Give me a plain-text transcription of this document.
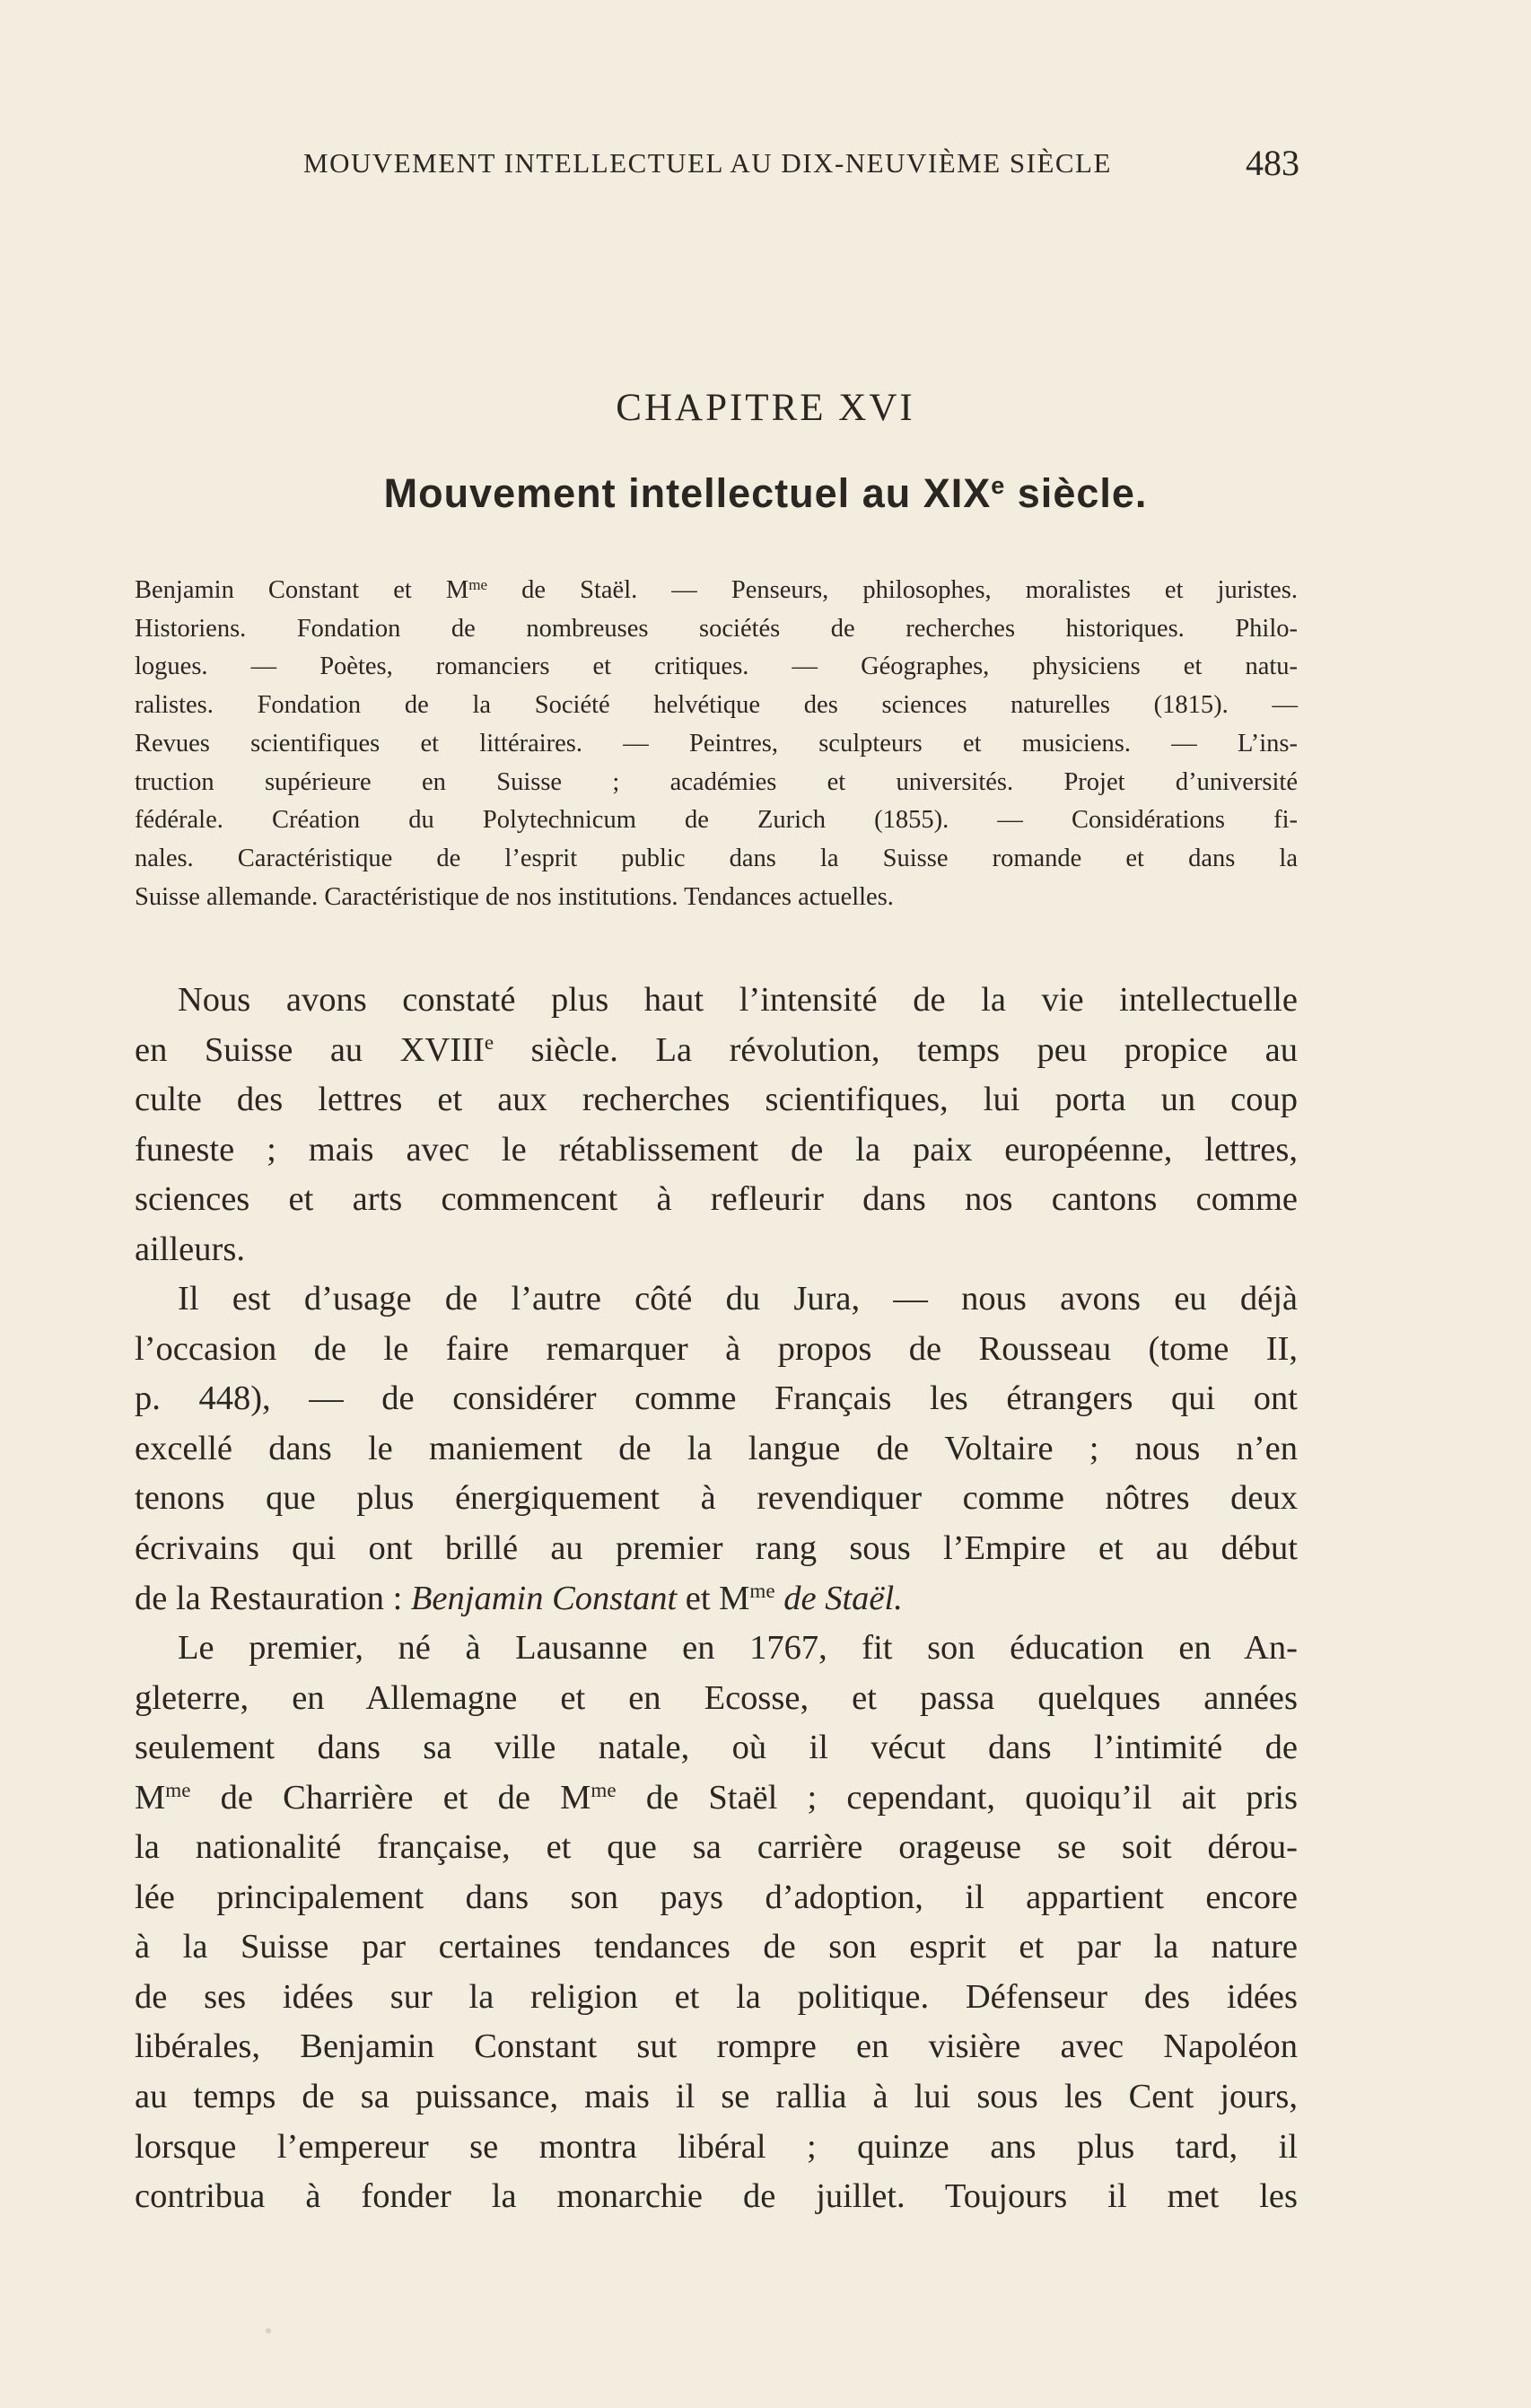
MOUVEMENT INTELLECTUEL AU DIX-NEUVIÈME SIÈCLE	483
CHAPITRE XVI
Mouvement intellectuel au XIXe siècle.
Benjamin Constant et $M^{me}$ de Staël. — Penseurs, philosophes, moralistes et juristes.
Historiens. Fondation de nombreuses sociétés de recherches historiques. Philo-
logues. — Poètes, romanciers et critiques. — Géographes, physiciens et natu-
ralistes. Fondation de la Société helvétique des sciences naturelles (1815). —
Revues scientifiques et littéraires. — Peintres, sculpteurs et musiciens. — L’ins-
truction supérieure en Suisse ; académies et universités. Projet d’université
fédérale. Création du Polytechnicum de Zurich (1855). — Considérations fi-
nales. Caractéristique de l’esprit public dans la Suisse romande et dans la
Suisse allemande. Caractéristique de nos institutions. Tendances actuelles.
Nous avons constaté plus haut l’intensité de la vie intellectuelle
en Suisse au XVIIIe siècle. La révolution, temps peu propice au
culte des lettres et aux recherches scientifiques, lui porta un coup
funeste ; mais avec le rétablissement de la paix européenne, lettres,
sciences et arts commencent à refleurir dans nos cantons comme
ailleurs.
Il est d’usage de l’autre côté du Jura, — nous avons eu déjà
l’occasion de le faire remarquer à propos de Rousseau (tome II,
p. 448), — de considérer comme Français les étrangers qui ont
excellé dans le maniement de la langue de Voltaire ; nous n’en
tenons que plus énergiquement à revendiquer comme nôtres deux
écrivains qui ont brillé au premier rang sous l’Empire et au début
de la Restauration : Benjamin Constant et $M^{me}$ de Staël.
Le premier, né à Lausanne en 1767, fit son éducation en An-
gleterre, en Allemagne et en Ecosse, et passa quelques années
seulement dans sa ville natale, où il vécut dans l’intimité de
$M^{me}$ de Charrière et de $M^{me}$ de Staël ; cependant, quoiqu’il ait pris
la nationalité française, et que sa carrière orageuse se soit dérou-
lée principalement dans son pays d’adoption, il appartient encore
à la Suisse par certaines tendances de son esprit et par la nature
de ses idées sur la religion et la politique. Défenseur des idées
libérales, Benjamin Constant sut rompre en visière avec Napoléon
au temps de sa puissance, mais il se rallia à lui sous les Cent jours,
lorsque l’empereur se montra libéral ; quinze ans plus tard, il
contribua à fonder la monarchie de juillet. Toujours il met les
